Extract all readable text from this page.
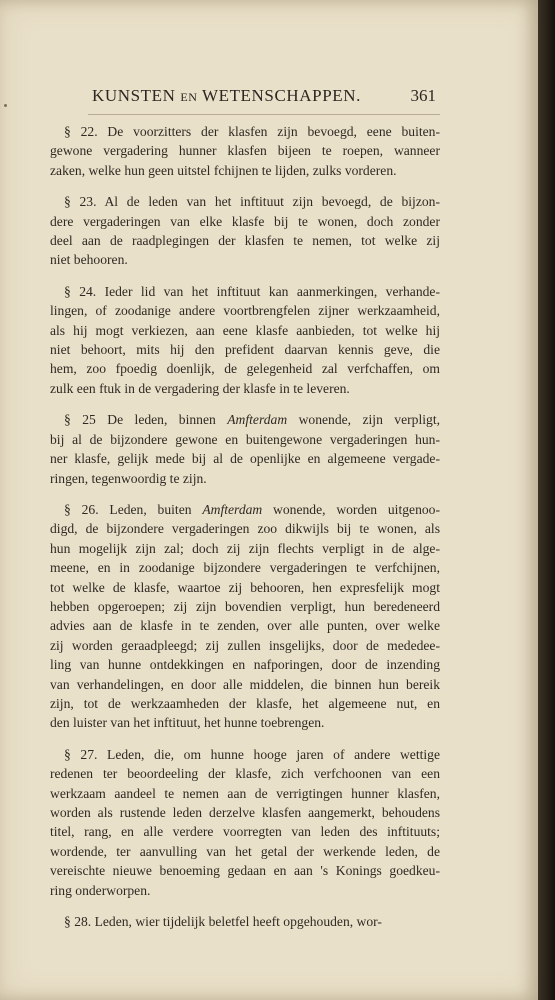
KUNSTEN EN WETENSCHAPPEN.	361
§ 22. De voorzitters der klasfen zijn bevoegd, eene buiten-
gewone vergadering hunner klasfen bijeen te roepen, wanneer
zaken, welke hun geen uitstel fchijnen te lijden, zulks vorderen.
§ 23. Al de leden van het inftituut zijn bevoegd, de bijzon-
dere vergaderingen van elke klasfe bij te wonen, doch zonder
deel aan de raadplegingen der klasfen te nemen, tot welke zij
niet behooren.
§ 24. Ieder lid van het inftituut kan aanmerkingen, verhande-
lingen, of zoodanige andere voortbrengfelen zijner werkzaamheid,
als hij mogt verkiezen, aan eene klasfe aanbieden, tot welke hij
niet behoort, mits hij den prefident daarvan kennis geve, die
hem, zoo fpoedig doenlijk, de gelegenheid zal verfchaffen, om
zulk een ftuk in de vergadering der klasfe in te leveren.
§ 25 De leden, binnen Amfterdam wonende, zijn verpligt,
bij al de bijzondere gewone en buitengewone vergaderingen hun-
ner klasfe, gelijk mede bij al de openlijke en algemeene vergade-
ringen, tegenwoordig te zijn.
§ 26. Leden, buiten Amfterdam wonende, worden uitgenoo-
digd, de bijzondere vergaderingen zoo dikwijls bij te wonen, als
hun mogelijk zijn zal; doch zij zijn flechts verpligt in de alge-
meene, en in zoodanige bijzondere vergaderingen te verfchijnen,
tot welke de klasfe, waartoe zij behooren, hen expresfelijk mogt
hebben opgeroepen; zij zijn bovendien verpligt, hun beredeneerd
advies aan de klasfe in te zenden, over alle punten, over welke
zij worden geraadpleegd; zij zullen insgelijks, door de mededee-
ling van hunne ontdekkingen en nafporingen, door de inzending
van verhandelingen, en door alle middelen, die binnen hun bereik
zijn, tot de werkzaamheden der klasfe, het algemeene nut, en
den luister van het inftituut, het hunne toebrengen.
§ 27. Leden, die, om hunne hooge jaren of andere wettige
redenen ter beoordeeling der klasfe, zich verfchoonen van een
werkzaam aandeel te nemen aan de verrigtingen hunner klasfen,
worden als rustende leden derzelve klasfen aangemerkt, behoudens
titel, rang, en alle verdere voorregten van leden des inftituuts;
wordende, ter aanvulling van het getal der werkende leden, de
vereischte nieuwe benoeming gedaan en aan 's Konings goedkeu-
ring onderworpen.
§ 28. Leden, wier tijdelijk beletfel heeft opgehouden, wor-
